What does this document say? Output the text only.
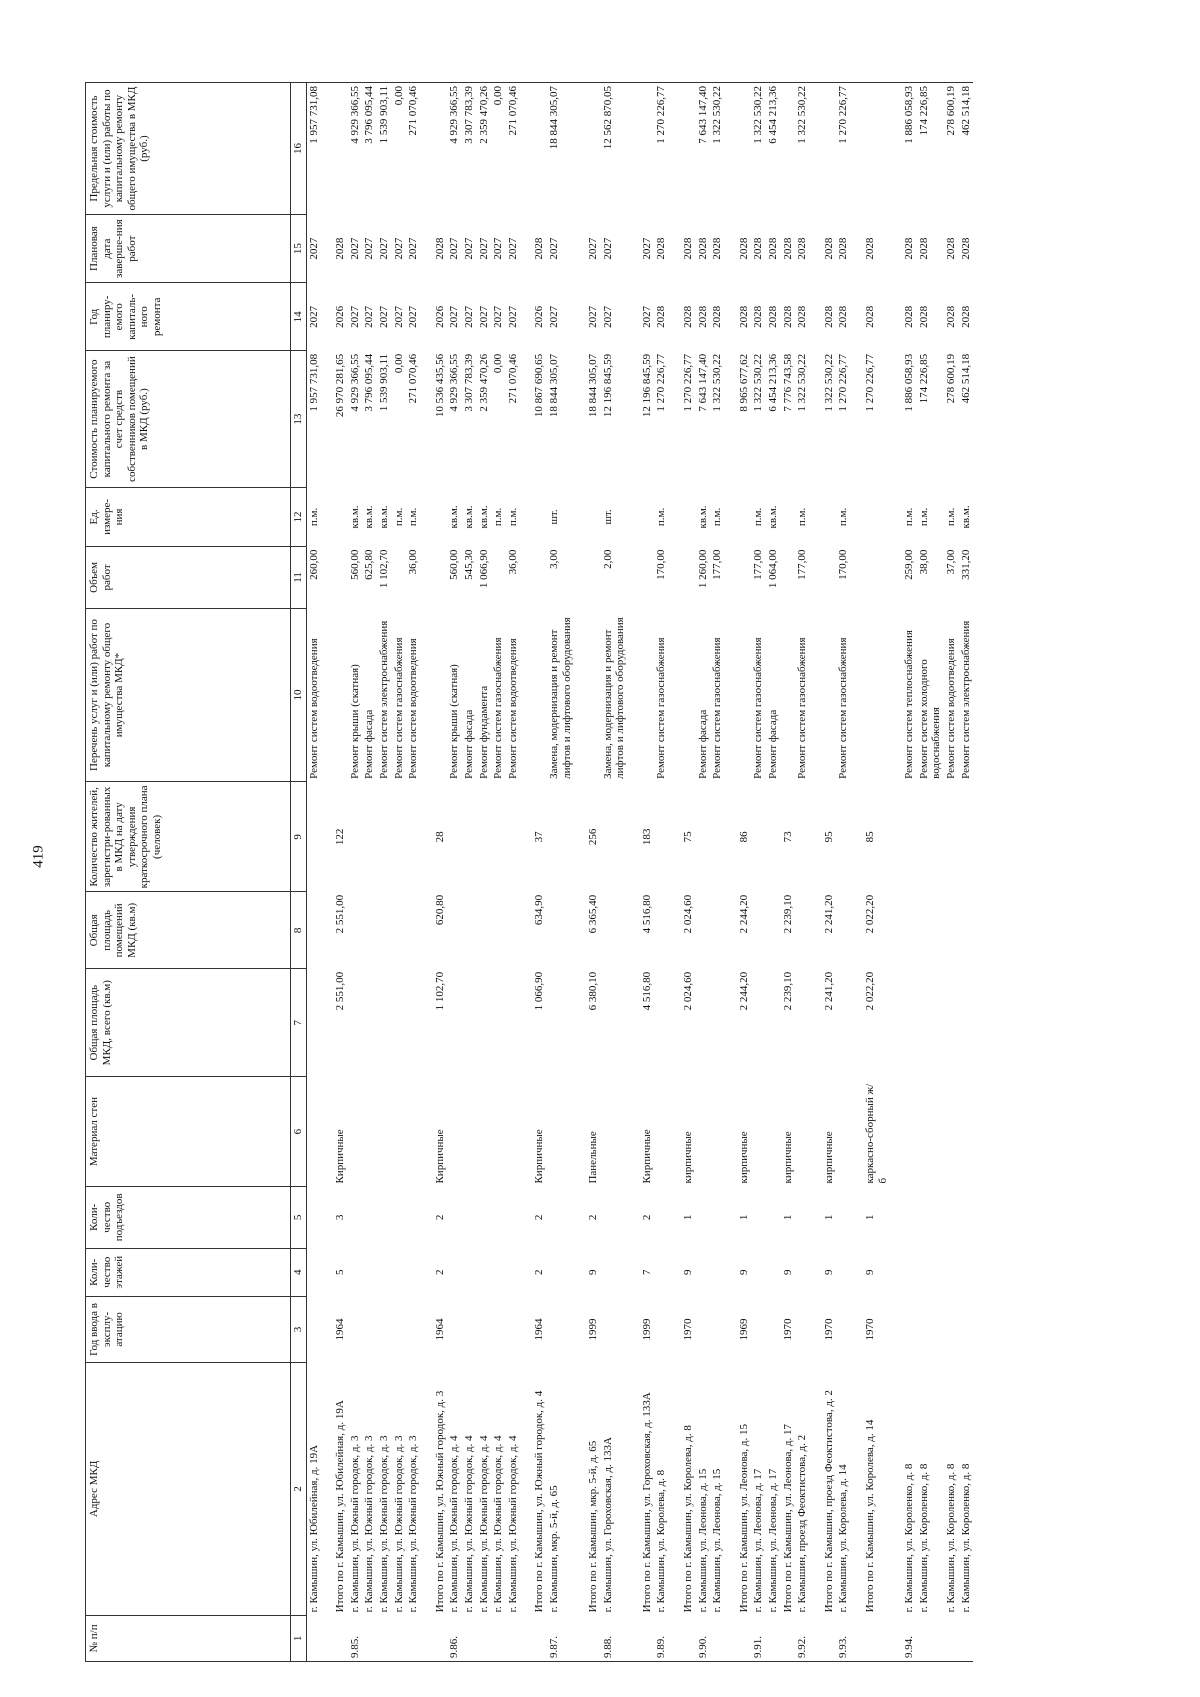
419
№ п/п	Адрес МКД	Год ввода в эксплу-атацию	Коли-чество этажей	Коли-чество подъездов	Материал стен	Общая площадь МКД, всего (кв.м)	Общая площадь помещений МКД (кв.м)	Количество жителей, зарегистри-рованных в МКД на дату утверждения краткосрочного плана (человек)	Перечень услуг и (или) работ по капитальному ремонту общего имущества МКД*	Объем работ	Ед. измере-ния	Стоимость планируемого капитального ремонта за счет средств собственников помещений в МКД (руб.)	Год планиру-емого капиталь-ного ремонта	Плановая дата заверше-ния работ	Предельная стоимость услуги и (или) работы по капитальному ремонту общего имущества в МКД (руб.)
1	2	3	4	5	6	7	8	9	10	11	12	13	14	15	16
	г. Камышин, ул. Юбилейная, д. 19А								Ремонт систем водоотведения	260,00	п.м.	1 957 731,08	2027	2027	1 957 731,08

	Итого по г. Камышин, ул. Юбилейная, д. 19А	1964	5	3	Кирпичные	2 551,00	2 551,00	122				26 970 281,65	2026	2028	
9.85.	г. Камышин, ул. Южный городок, д. 3								Ремонт крыши (скатная)	560,00	кв.м.	4 929 366,55	2027	2027	4 929 366,55
	г. Камышин, ул. Южный городок, д. 3								Ремонт фасада	625,80	кв.м.	3 796 095,44	2027	2027	3 796 095,44
	г. Камышин, ул. Южный городок, д. 3								Ремонт систем электроснабжения	1 102,70	кв.м.	1 539 903,11	2027	2027	1 539 903,11
	г. Камышин, ул. Южный городок, д. 3								Ремонт систем газоснабжения		п.м.	0,00	2027	2027	0,00
	г. Камышин, ул. Южный городок, д. 3								Ремонт систем водоотведения	36,00	п.м.	271 070,46	2027	2027	271 070,46

	Итого по г. Камышин, ул. Южный городок, д. 3	1964	2	2	Кирпичные	1 102,70	620,80	28				10 536 435,56	2026	2028	
9.86.	г. Камышин, ул. Южный городок, д. 4								Ремонт крыши (скатная)	560,00	кв.м.	4 929 366,55	2027	2027	4 929 366,55
	г. Камышин, ул. Южный городок, д. 4								Ремонт фасада	545,30	кв.м.	3 307 783,39	2027	2027	3 307 783,39
	г. Камышин, ул. Южный городок, д. 4								Ремонт фундамента	1 066,90	кв.м.	2 359 470,26	2027	2027	2 359 470,26
	г. Камышин, ул. Южный городок, д. 4								Ремонт систем газоснабжения		п.м.	0,00	2027	2027	0,00
	г. Камышин, ул. Южный городок, д. 4								Ремонт систем водоотведения	36,00	п.м.	271 070,46	2027	2027	271 070,46

	Итого по г. Камышин, ул. Южный городок, д. 4	1964	2	2	Кирпичные	1 066,90	634,90	37				10 867 690,65	2026	2028	
9.87.	г. Камышин, мкр. 5-й, д. 65								Замена, модернизация и ремонт лифтов и лифтового оборудования	3,00	шт.	18 844 305,07	2027	2027	18 844 305,07

	Итого по г. Камышин, мкр. 5-й, д. 65	1999	9	2	Панельные	6 380,10	6 365,40	256				18 844 305,07	2027	2027	
9.88.	г. Камышин, ул. Гороховская, д. 133А								Замена, модернизация и ремонт лифтов и лифтового оборудования	2,00	шт.	12 196 845,59	2027	2027	12 562 870,05

	Итого по г. Камышин, ул. Гороховская, д. 133А	1999	7	2	Кирпичные	4 516,80	4 516,80	183				12 196 845,59	2027	2027	
9.89.	г. Камышин, ул. Королева, д. 8								Ремонт систем газоснабжения	170,00	п.м.	1 270 226,77	2028	2028	1 270 226,77

	Итого по г. Камышин, ул. Королева, д. 8	1970	9	1	кирпичные	2 024,60	2 024,60	75				1 270 226,77	2028	2028	
9.90.	г. Камышин, ул. Леонова, д. 15								Ремонт фасада	1 260,00	кв.м.	7 643 147,40	2028	2028	7 643 147,40
	г. Камышин, ул. Леонова, д. 15								Ремонт систем газоснабжения	177,00	п.м.	1 322 530,22	2028	2028	1 322 530,22

	Итого по г. Камышин, ул. Леонова, д. 15	1969	9	1	кирпичные	2 244,20	2 244,20	86				8 965 677,62	2028	2028	
9.91.	г. Камышин, ул. Леонова, д. 17								Ремонт систем газоснабжения	177,00	п.м.	1 322 530,22	2028	2028	1 322 530,22
	г. Камышин, ул. Леонова, д. 17								Ремонт фасада	1 064,00	кв.м.	6 454 213,36	2028	2028	6 454 213,36
	Итого по г. Камышин, ул. Леонова, д. 17	1970	9	1	кирпичные	2 239,10	2 239,10	73				7 776 743,58	2028	2028	
9.92.	г. Камышин, проезд Феоктистова, д. 2								Ремонт систем газоснабжения	177,00	п.м.	1 322 530,22	2028	2028	1 322 530,22

	Итого по г. Камышин, проезд Феоктистова, д. 2	1970	9	1	кирпичные	2 241,20	2 241,20	95				1 322 530,22	2028	2028	
9.93.	г. Камышин, ул. Королева, д. 14								Ремонт систем газоснабжения	170,00	п.м.	1 270 226,77	2028	2028	1 270 226,77

	Итого по г. Камышин, ул. Королева, д. 14	1970	9	1	каркасно-сборный ж/б	2 022,20	2 022,20	85				1 270 226,77	2028	2028	

9.94.	г. Камышин, ул. Короленко, д. 8								Ремонт систем теплоснабжения	259,00	п.м.	1 886 058,93	2028	2028	1 886 058,93
	г. Камышин, ул. Короленко, д. 8								Ремонт систем холодного водоснабжения	38,00	п.м.	174 226,85	2028	2028	174 226,85
	г. Камышин, ул. Короленко, д. 8								Ремонт систем водоотведения	37,00	п.м.	278 600,19	2028	2028	278 600,19
	г. Камышин, ул. Короленко, д. 8								Ремонт систем электроснабжения	331,20	кв.м.	462 514,18	2028	2028	462 514,18
